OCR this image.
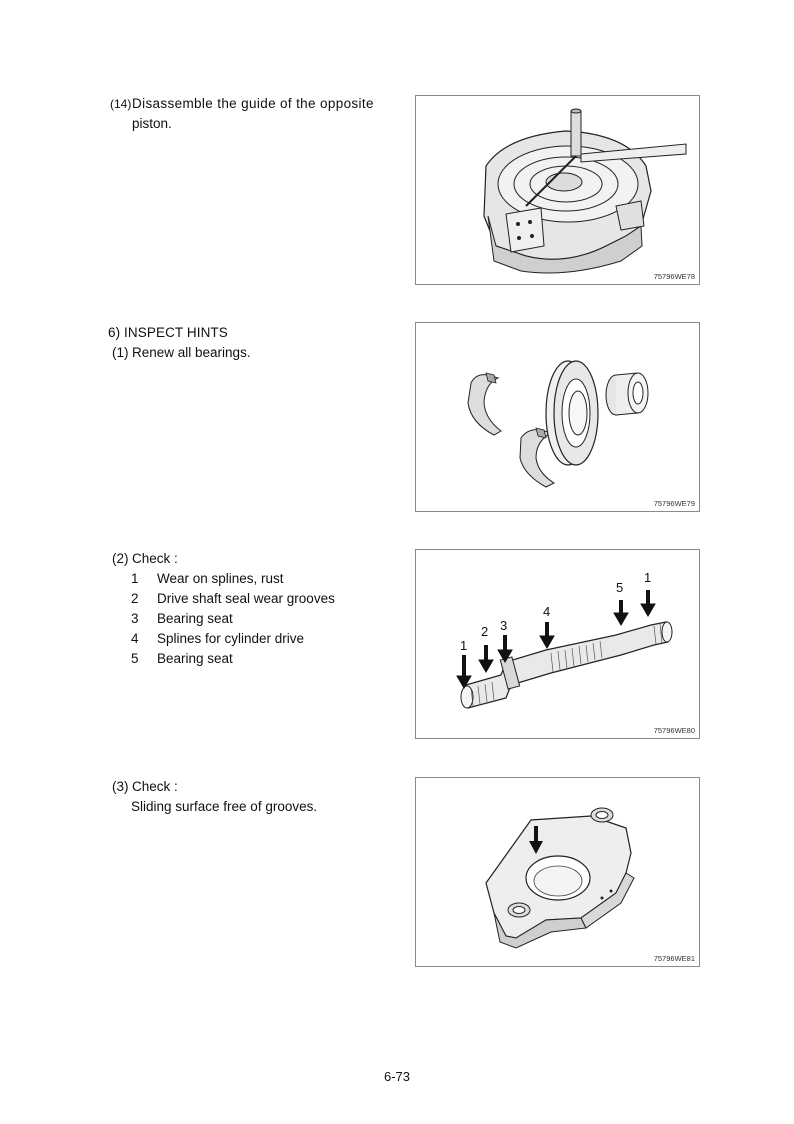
(14)Disassemble the guide of the opposite
piston.
75796WE78
6) INSPECT HINTS
(1) Renew all bearings.
75796WE79
(2) Check :
1 Wear on splines, rust
2 Drive shaft seal wear grooves
3 Bearing seat
4 Splines for cylinder drive
5 Bearing seat
1
2 3
4
5
1
75796WE80
(3) Check :
Sliding surface free of grooves.
75796WE81
6-73
